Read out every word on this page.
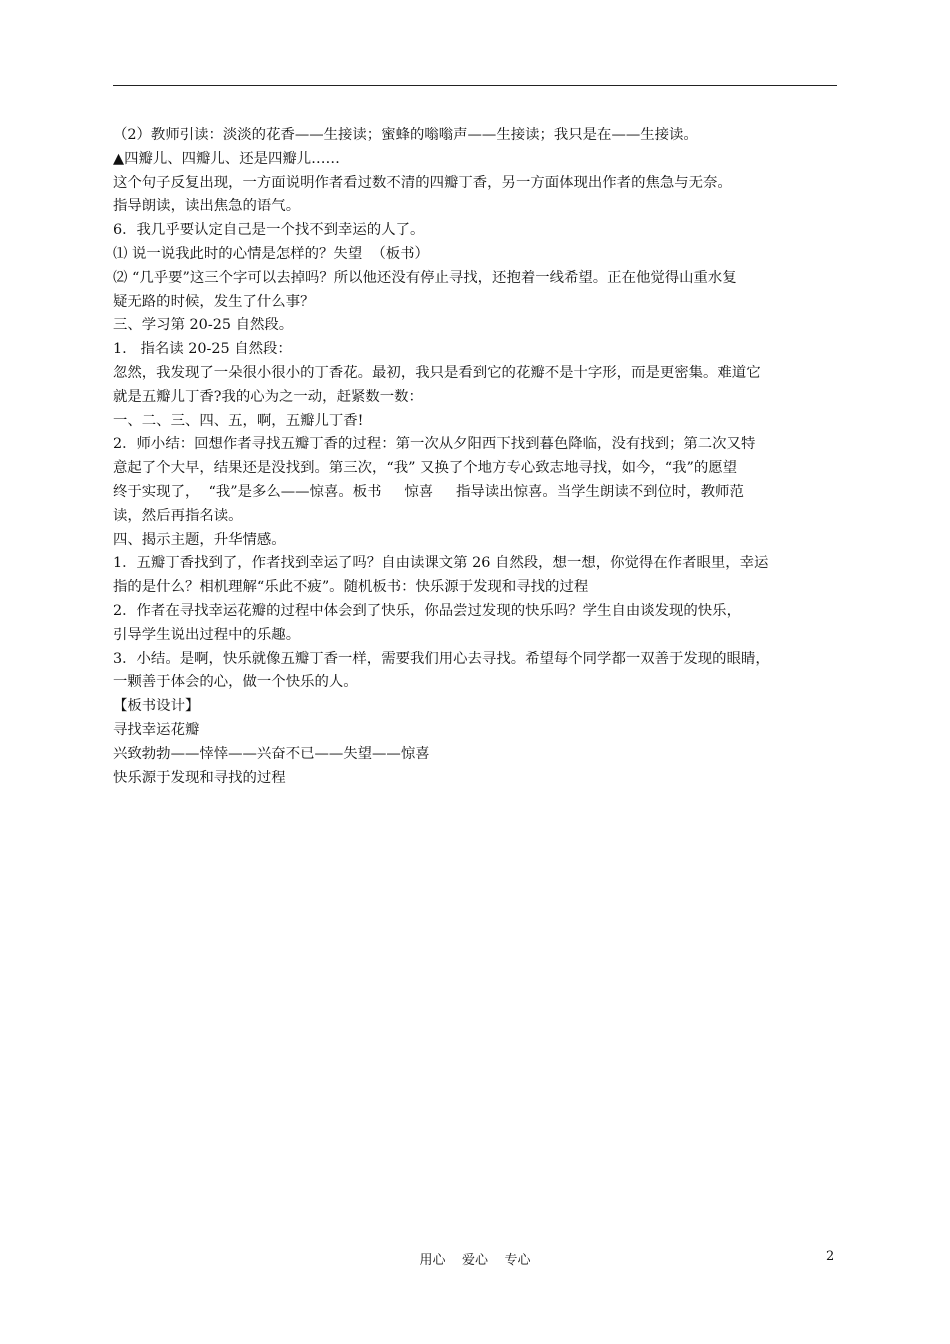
（2）教师引读：淡淡的花香——生接读；蜜蜂的嗡嗡声——生接读；我只是在——生接读。
▲四瓣儿、四瓣儿、还是四瓣儿……
这个句子反复出现，一方面说明作者看过数不清的四瓣丁香，另一方面体现出作者的焦急与无奈。
指导朗读，读出焦急的语气。
6．我几乎要认定自己是一个找不到幸运的人了。
⑴ 说一说我此时的心情是怎样的？失望  （板书）
⑵ “几乎要”这三个字可以去掉吗？所以他还没有停止寻找，还抱着一线希望。正在他觉得山重水复
疑无路的时候，发生了什么事？
三、学习第 20-25 自然段。
1.   指名读 20-25 自然段：
忽然，我发现了一朵很小很小的丁香花。最初，我只是看到它的花瓣不是十字形，而是更密集。难道它
就是五瓣儿丁香?我的心为之一动，赶紧数一数：
一、二、三、四、五，啊，五瓣儿丁香!
2．师小结：回想作者寻找五瓣丁香的过程：第一次从夕阳西下找到暮色降临，没有找到；第二次又特
意起了个大早，结果还是没找到。第三次，“我” 又换了个地方专心致志地寻找，如今，“我”的愿望
终于实现了，  “我”是多么——惊喜。板书     惊喜     指导读出惊喜。当学生朗读不到位时，教师范
读，然后再指名读。
四、揭示主题，升华情感。
1．五瓣丁香找到了，作者找到幸运了吗？自由读课文第 26 自然段，想一想，你觉得在作者眼里，幸运
指的是什么？相机理解“乐此不疲”。随机板书：快乐源于发现和寻找的过程
2．作者在寻找幸运花瓣的过程中体会到了快乐，你品尝过发现的快乐吗？学生自由谈发现的快乐，
引导学生说出过程中的乐趣。
3．小结。是啊，快乐就像五瓣丁香一样，需要我们用心去寻找。希望每个同学都一双善于发现的眼睛，
一颗善于体会的心，做一个快乐的人。
【板书设计】
寻找幸运花瓣
兴致勃勃——悻悻——兴奋不已——失望——惊喜
快乐源于发现和寻找的过程
用心    爱心    专心	2
